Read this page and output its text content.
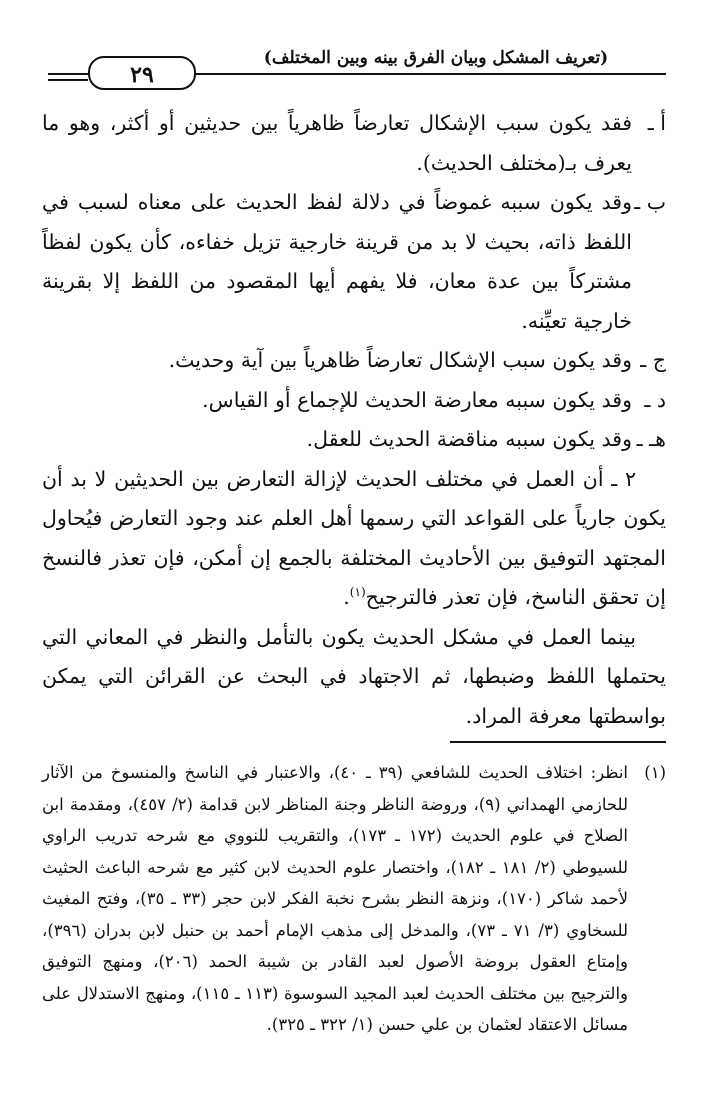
٢٩
(تعريف المشكل وبيان الفرق بينه وبين المختلف)
أ ـ
فقد يكون سبب الإشكال تعارضاً ظاهرياً بين حديثين أو أكثر، وهو ما يعرف بـ(مختلف الحديث).
ب ـ
وقد يكون سببه غموضاً في دلالة لفظ الحديث على معناه لسبب في اللفظ ذاته، بحيث لا بد من قرينة خارجية تزيل خفاءه، كأن يكون لفظاً مشتركاً بين عدة معان، فلا يفهم أيها المقصود من اللفظ إلا بقرينة خارجية تعيِّنه.
ج ـ
وقد يكون سبب الإشكال تعارضاً ظاهرياً بين آية وحديث.
د ـ
وقد يكون سببه معارضة الحديث للإجماع أو القياس.
هـ ـ
وقد يكون سببه مناقضة الحديث للعقل.

٢ ـ أن العمل في مختلف الحديث لإزالة التعارض بين الحديثين لا بد أن يكون جارياً على القواعد التي رسمها أهل العلم عند وجود التعارض فيُحاول المجتهد التوفيق بين الأحاديث المختلفة بالجمع إن أمكن، فإن تعذر فالنسخ إن تحقق الناسخ، فإن تعذر فالترجيح$^{(١)}$.

بينما العمل في مشكل الحديث يكون بالتأمل والنظر في المعاني التي يحتملها اللفظ وضبطها، ثم الاجتهاد في البحث عن القرائن التي يمكن بواسطتها معرفة المراد.

(١)
انظر: اختلاف الحديث للشافعي (٣٩ ـ ٤٠)، والاعتبار في الناسخ والمنسوخ من الآثار للحازمي الهمداني (٩)، وروضة الناظر وجنة المناظر لابن قدامة (٢/ ٤٥٧)، ومقدمة ابن الصلاح في علوم الحديث (١٧٢ ـ ١٧٣)، والتقريب للنووي مع شرحه تدريب الراوي للسيوطي (٢/ ١٨١ ـ ١٨٢)، واختصار علوم الحديث لابن كثير مع شرحه الباعث الحثيث لأحمد شاكر (١٧٠)، ونزهة النظر بشرح نخبة الفكر لابن حجر (٣٣ ـ ٣٥)، وفتح المغيث للسخاوي (٣/ ٧١ ـ ٧٣)، والمدخل إلى مذهب الإمام أحمد بن حنبل لابن بدران (٣٩٦)، وإمتاع العقول بروضة الأصول لعبد القادر بن شيبة الحمد (٢٠٦)، ومنهج التوفيق والترجيح بين مختلف الحديث لعبد المجيد السوسوة (١١٣ ـ ١١٥)، ومنهج الاستدلال على مسائل الاعتقاد لعثمان بن علي حسن (١/ ٣٢٢ ـ ٣٢٥).
